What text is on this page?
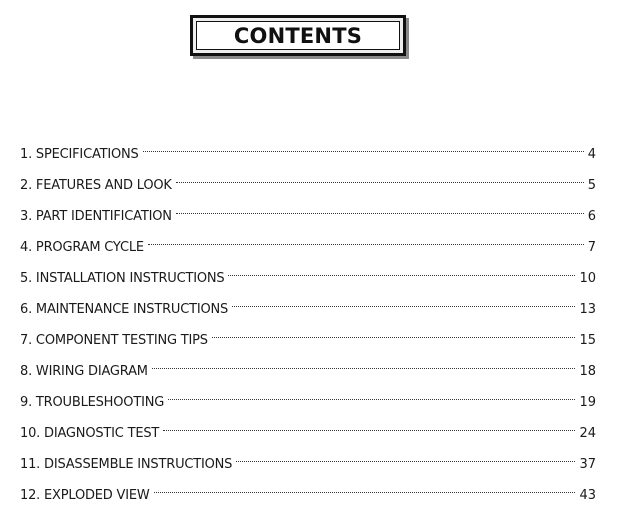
CONTENTS
1. SPECIFICATIONS	4
2. FEATURES AND LOOK	5
3. PART IDENTIFICATION	6
4. PROGRAM CYCLE	7
5. INSTALLATION INSTRUCTIONS	10
6. MAINTENANCE INSTRUCTIONS	13
7. COMPONENT TESTING TIPS	15
8. WIRING DIAGRAM	18
9. TROUBLESHOOTING	19
10. DIAGNOSTIC TEST	24
11. DISASSEMBLE INSTRUCTIONS	37
12. EXPLODED VIEW	43
